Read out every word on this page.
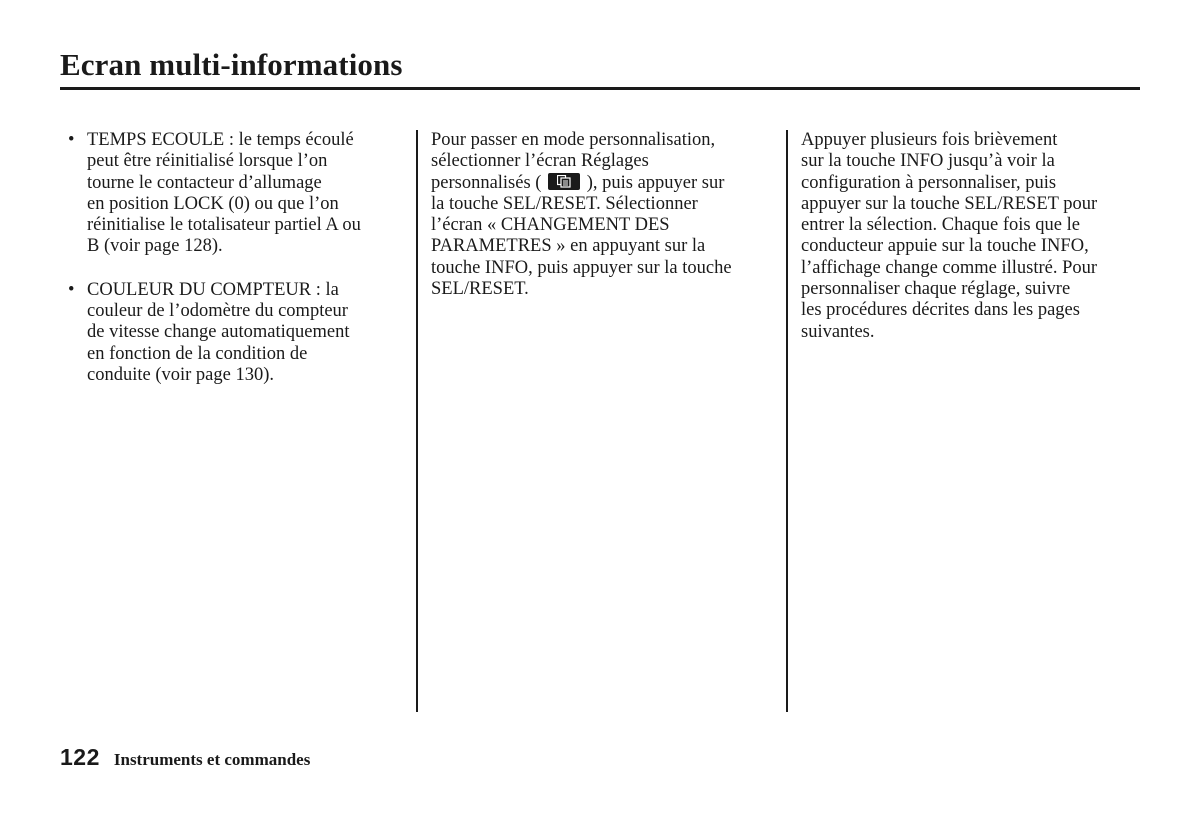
Ecran multi-informations
• TEMPS ECOULE : le temps écoulé
peut être réinitialisé lorsque l’on
tourne le contacteur d’allumage
en position LOCK (0) ou que l’on
réinitialise le totalisateur partiel A ou
B (voir page 128).
• COULEUR DU COMPTEUR : la
couleur de l’odomètre du compteur
de vitesse change automatiquement
en fonction de la condition de
conduite (voir page 130).
Pour passer en mode personnalisation,
sélectionner l’écran Réglages
personnalisés ( ), puis appuyer sur
la touche SEL/RESET. Sélectionner
l’écran « CHANGEMENT DES
PARAMETRES » en appuyant sur la
touche INFO, puis appuyer sur la touche
SEL/RESET.
Appuyer plusieurs fois brièvement
sur la touche INFO jusqu’à voir la
configuration à personnaliser, puis
appuyer sur la touche SEL/RESET pour
entrer la sélection. Chaque fois que le
conducteur appuie sur la touche INFO,
l’affichage change comme illustré. Pour
personnaliser chaque réglage, suivre
les procédures décrites dans les pages
suivantes.
122 Instruments et commandes
